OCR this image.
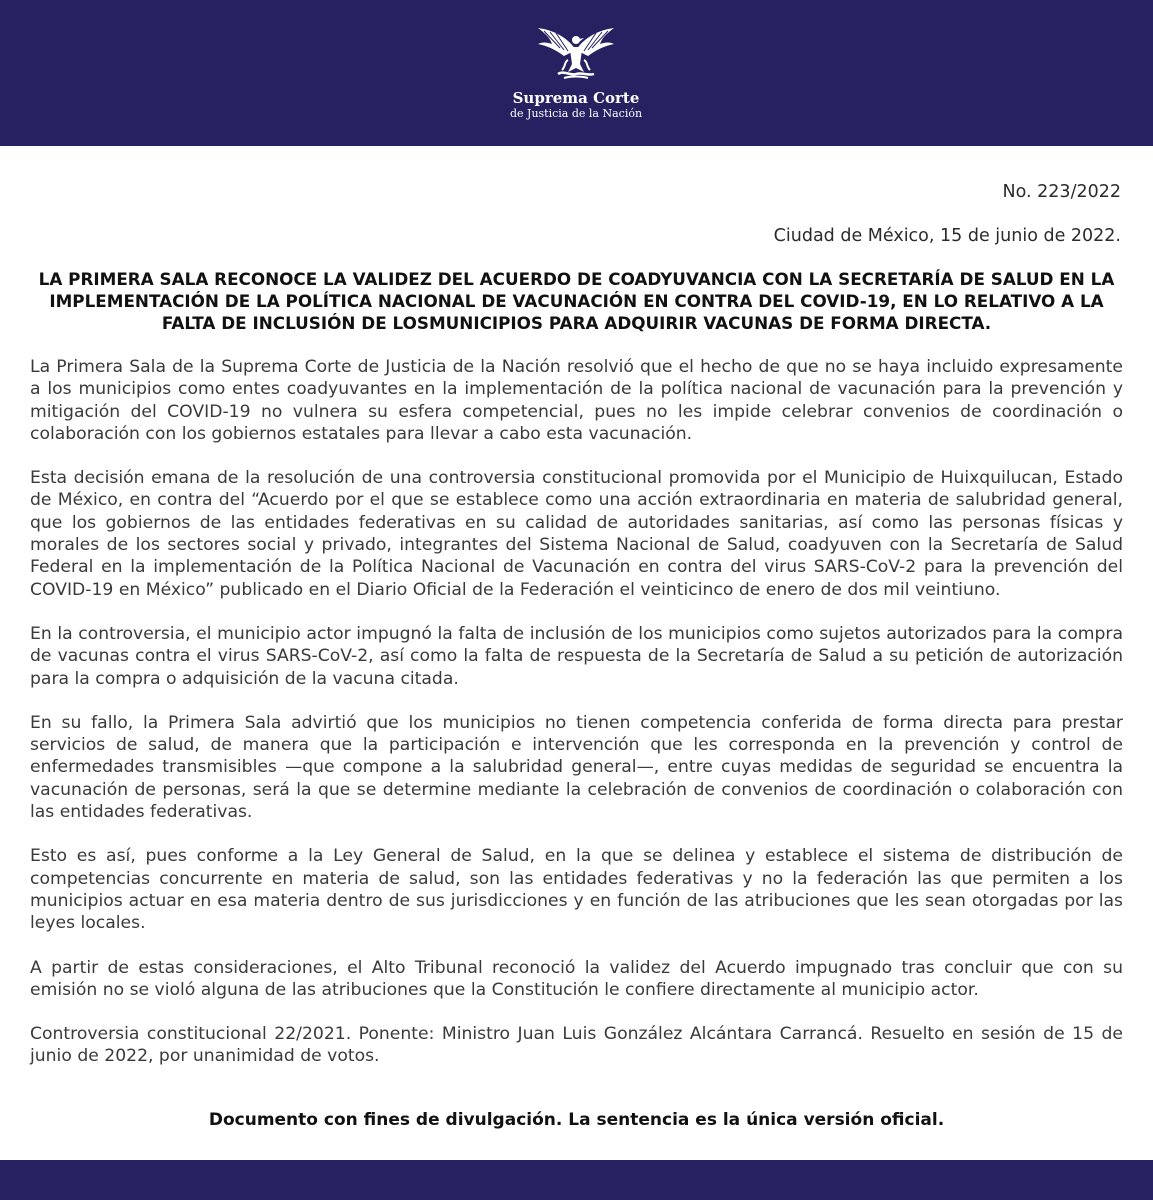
Suprema Corte
de Justicia de la Nación
No. 223/2022
Ciudad de México, 15 de junio de 2022.
LA PRIMERA SALA RECONOCE LA VALIDEZ DEL ACUERDO DE COADYUVANCIA CON LA SECRETARÍA DE SALUD EN LA IMPLEMENTACIÓN DE LA POLÍTICA NACIONAL DE VACUNACIÓN EN CONTRA DEL COVID-19, EN LO RELATIVO A LA FALTA DE INCLUSIÓN DE LOSMUNICIPIOS PARA ADQUIRIR VACUNAS DE FORMA DIRECTA.

La Primera Sala de la Suprema Corte de Justicia de la Nación resolvió que el hecho de que no se haya incluido expresamente a los municipios como entes coadyuvantes en la implementación de la política nacional de vacunación para la prevención y mitigación del COVID-19 no vulnera su esfera competencial, pues no les impide celebrar convenios de coordinación o colaboración con los gobiernos estatales para llevar a cabo esta vacunación.

Esta decisión emana de la resolución de una controversia constitucional promovida por el Municipio de Huixquilucan, Estado de México, en contra del “Acuerdo por el que se establece como una acción extraordinaria en materia de salubridad general, que los gobiernos de las entidades federativas en su calidad de autoridades sanitarias, así como las personas físicas y morales de los sectores social y privado, integrantes del Sistema Nacional de Salud, coadyuven con la Secretaría de Salud Federal en la implementación de la Política Nacional de Vacunación en contra del virus SARS-CoV-2 para la prevención del COVID-19 en México” publicado en el Diario Oficial de la Federación el veinticinco de enero de dos mil veintiuno.

En la controversia, el municipio actor impugnó la falta de inclusión de los municipios como sujetos autorizados para la compra de vacunas contra el virus SARS-CoV-2, así como la falta de respuesta de la Secretaría de Salud a su petición de autorización para la compra o adquisición de la vacuna citada.

En su fallo, la Primera Sala advirtió que los municipios no tienen competencia conferida de forma directa para prestar servicios de salud, de manera que la participación e intervención que les corresponda en la prevención y control de enfermedades transmisibles —que compone a la salubridad general—, entre cuyas medidas de seguridad se encuentra la vacunación de personas, será la que se determine mediante la celebración de convenios de coordinación o colaboración con las entidades federativas.

Esto es así, pues conforme a la Ley General de Salud, en la que se delinea y establece el sistema de distribución de competencias concurrente en materia de salud, son las entidades federativas y no la federación las que permiten a los municipios actuar en esa materia dentro de sus jurisdicciones y en función de las atribuciones que les sean otorgadas por las leyes locales.

A partir de estas consideraciones, el Alto Tribunal reconoció la validez del Acuerdo impugnado tras concluir que con su emisión no se violó alguna de las atribuciones que la Constitución le confiere directamente al municipio actor.

Controversia constitucional 22/2021. Ponente: Ministro Juan Luis González Alcántara Carrancá. Resuelto en sesión de 15 de junio de 2022, por unanimidad de votos.

Documento con fines de divulgación. La sentencia es la única versión oficial.
